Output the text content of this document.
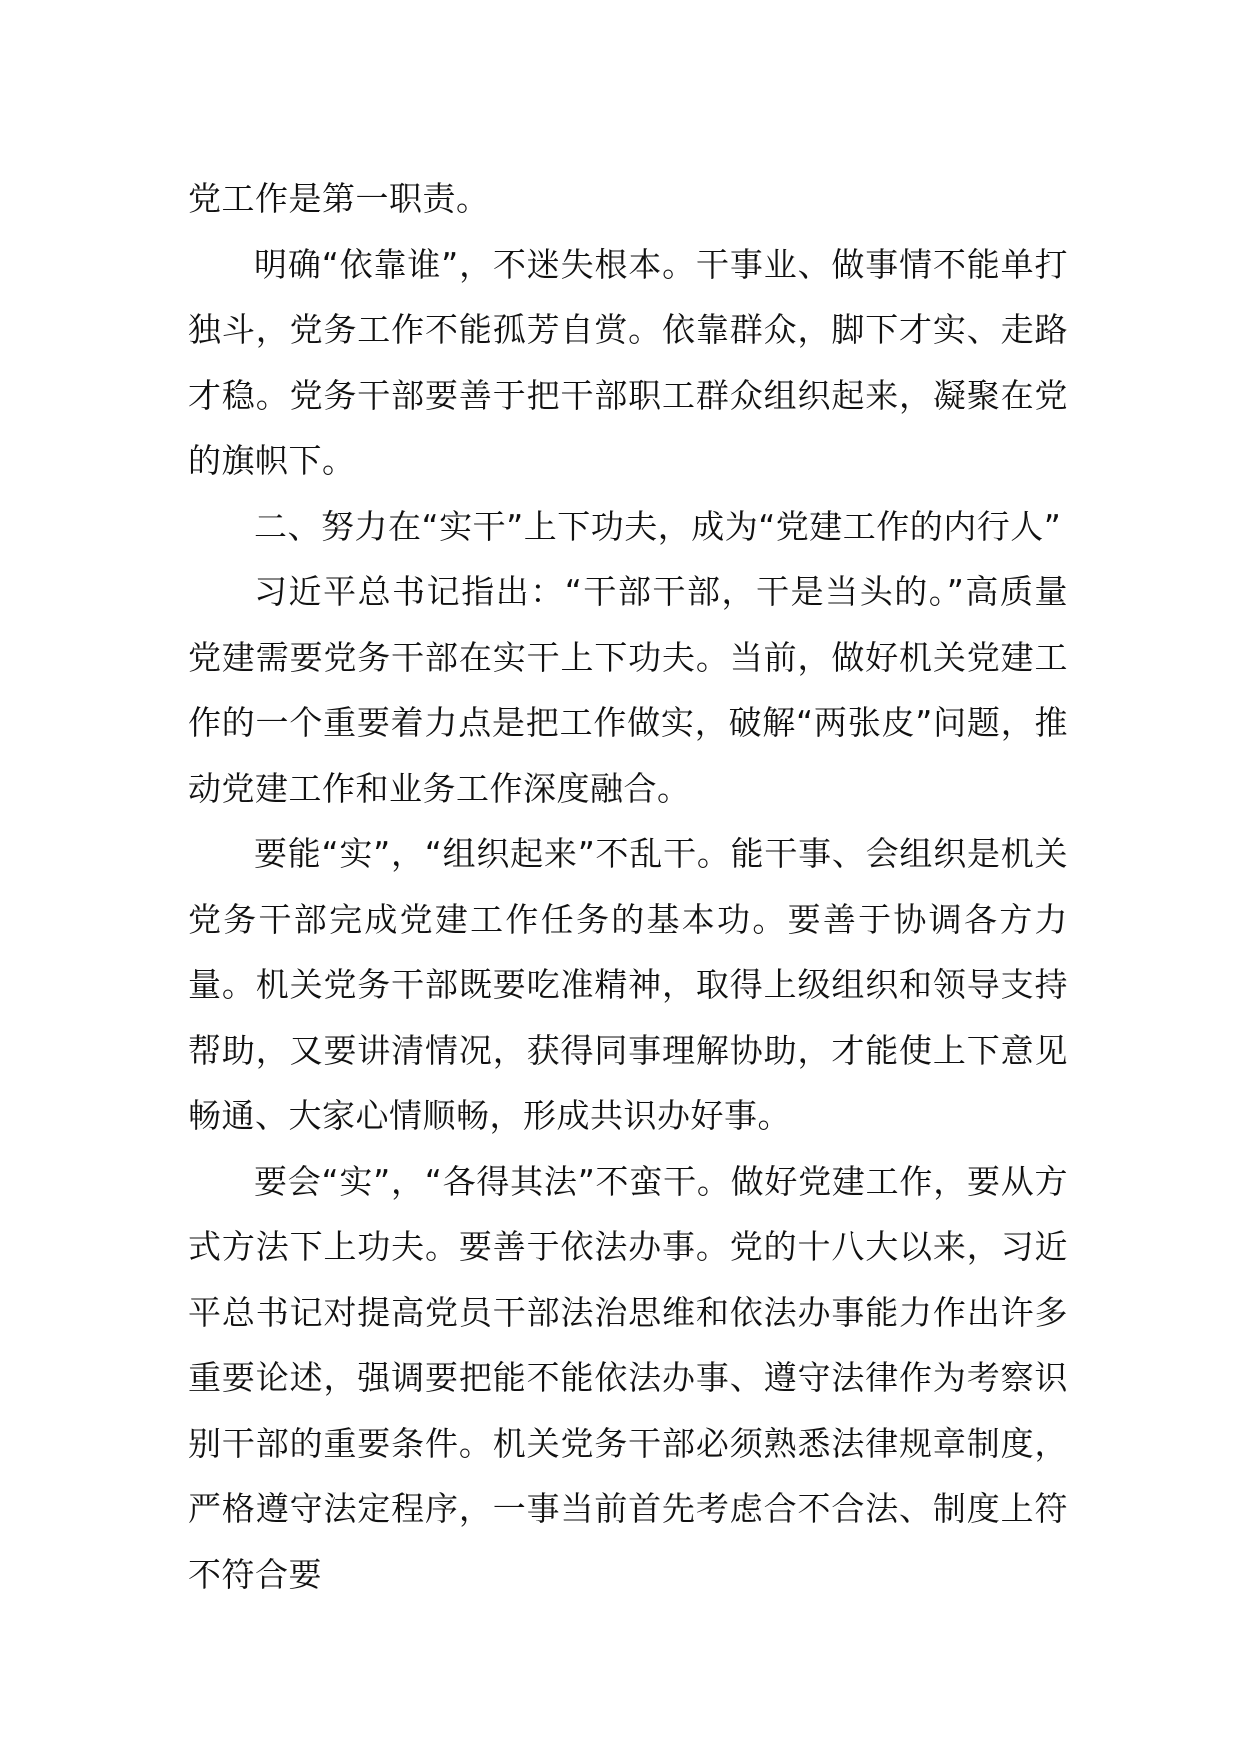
党工作是第一职责。

明确“依靠谁”，不迷失根本。干事业、做事情不能单打独斗，党务工作不能孤芳自赏。依靠群众，脚下才实、走路才稳。党务干部要善于把干部职工群众组织起来，凝聚在党的旗帜下。

二、努力在“实干”上下功夫，成为“党建工作的内行人”

习近平总书记指出：“干部干部，干是当头的。”高质量党建需要党务干部在实干上下功夫。当前，做好机关党建工作的一个重要着力点是把工作做实，破解“两张皮”问题，推动党建工作和业务工作深度融合。

要能“实”，“组织起来”不乱干。能干事、会组织是机关党务干部完成党建工作任务的基本功。要善于协调各方力量。机关党务干部既要吃准精神，取得上级组织和领导支持帮助，又要讲清情况，获得同事理解协助，才能使上下意见畅通、大家心情顺畅，形成共识办好事。

要会“实”，“各得其法”不蛮干。做好党建工作，要从方式方法下上功夫。要善于依法办事。党的十八大以来，习近平总书记对提高党员干部法治思维和依法办事能力作出许多重要论述，强调要把能不能依法办事、遵守法律作为考察识别干部的重要条件。机关党务干部必须熟悉法律规章制度，严格遵守法定程序，一事当前首先考虑合不合法、制度上符不符合要
